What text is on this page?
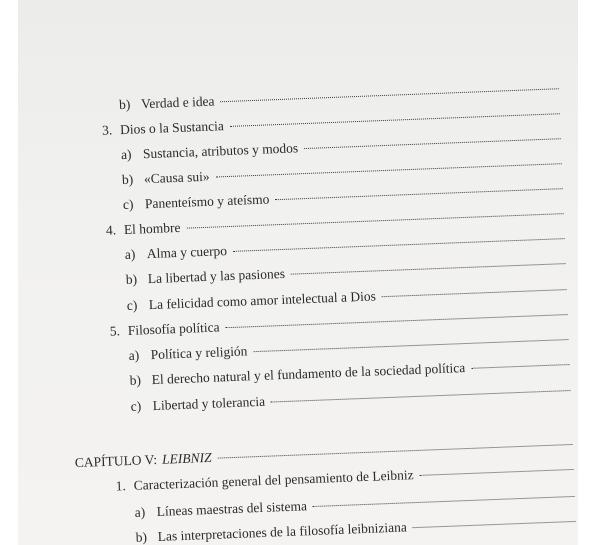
b) Verdad e idea
3. Dios o la Sustancia
a) Sustancia, atributos y modos
b) «Causa sui»
c) Panenteísmo y ateísmo
4. El hombre
a) Alma y cuerpo
b) La libertad y las pasiones
c) La felicidad como amor intelectual a Dios
5. Filosofía política
a) Política y religión
b) El derecho natural y el fundamento de la sociedad política
c) Libertad y tolerancia
CAPÍTULO V: LEIBNIZ
1. Caracterización general del pensamiento de Leibniz
a) Líneas maestras del sistema
b) Las interpretaciones de la filosofía leibniziana
